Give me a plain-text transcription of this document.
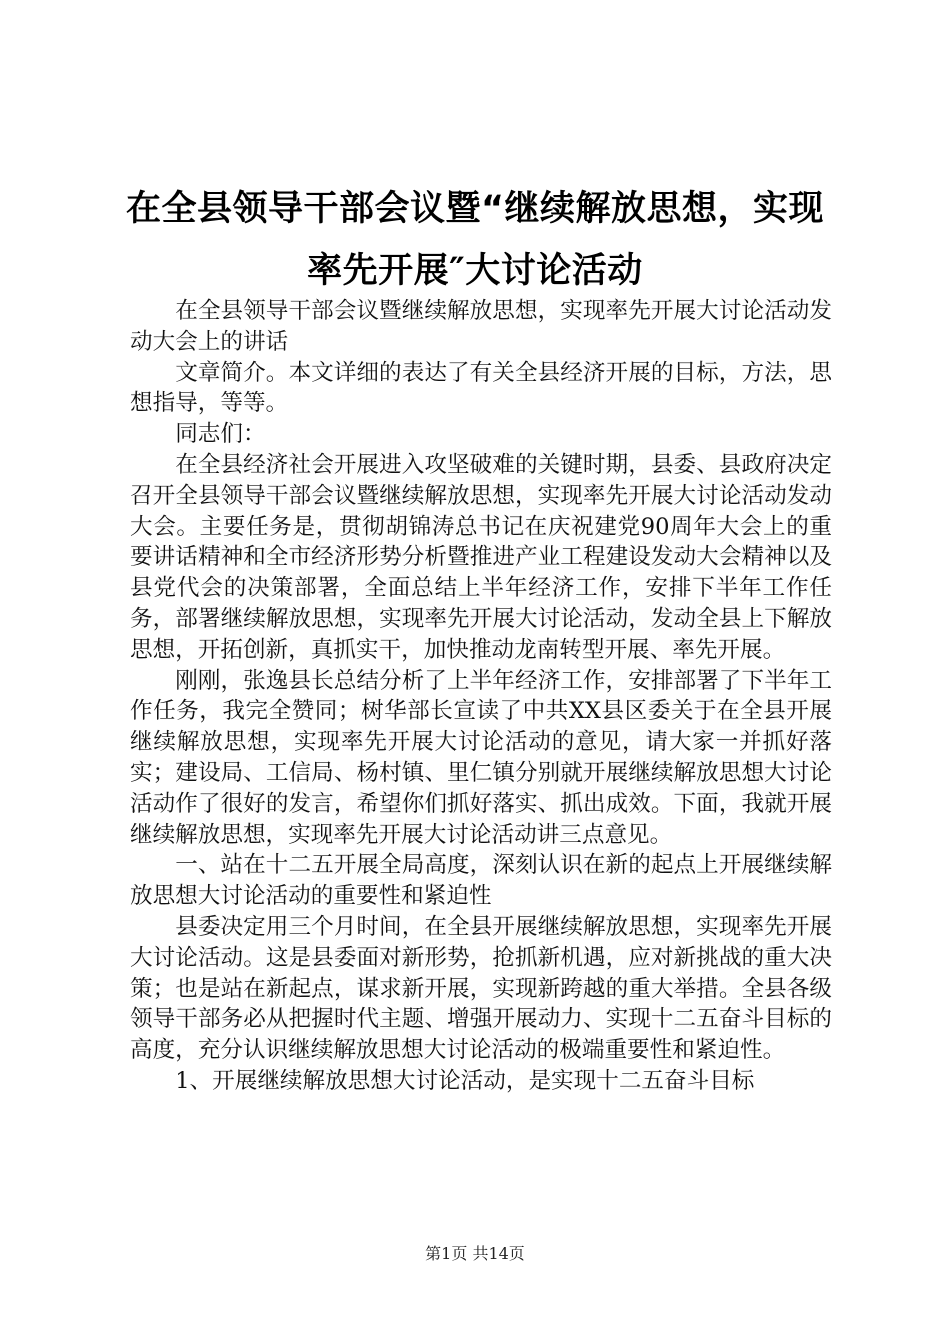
在全县领导干部会议暨“继续解放思想，实现
率先开展″大讨论活动

在全县领导干部会议暨继续解放思想，实现率先开展大讨论活动发动大会上的讲话

文章简介。本文详细的表达了有关全县经济开展的目标，方法，思想指导，等等。

同志们：

在全县经济社会开展进入攻坚破难的关键时期，县委、县政府决定召开全县领导干部会议暨继续解放思想，实现率先开展大讨论活动发动大会。主要任务是，贯彻胡锦涛总书记在庆祝建党90周年大会上的重要讲话精神和全市经济形势分析暨推进产业工程建设发动大会精神以及县党代会的决策部署，全面总结上半年经济工作，安排下半年工作任务，部署继续解放思想，实现率先开展大讨论活动，发动全县上下解放思想，开拓创新，真抓实干，加快推动龙南转型开展、率先开展。

刚刚，张逸县长总结分析了上半年经济工作，安排部署了下半年工作任务，我完全赞同；树华部长宣读了中共XX县区委关于在全县开展继续解放思想，实现率先开展大讨论活动的意见，请大家一并抓好落实；建设局、工信局、杨村镇、里仁镇分别就开展继续解放思想大讨论活动作了很好的发言，希望你们抓好落实、抓出成效。下面，我就开展继续解放思想，实现率先开展大讨论活动讲三点意见。

一、站在十二五开展全局高度，深刻认识在新的起点上开展继续解放思想大讨论活动的重要性和紧迫性

县委决定用三个月时间，在全县开展继续解放思想，实现率先开展大讨论活动。这是县委面对新形势，抢抓新机遇，应对新挑战的重大决策；也是站在新起点，谋求新开展，实现新跨越的重大举措。全县各级领导干部务必从把握时代主题、增强开展动力、实现十二五奋斗目标的高度，充分认识继续解放思想大讨论活动的极端重要性和紧迫性。

1、开展继续解放思想大讨论活动，是实现十二五奋斗目标

第1页 共14页
